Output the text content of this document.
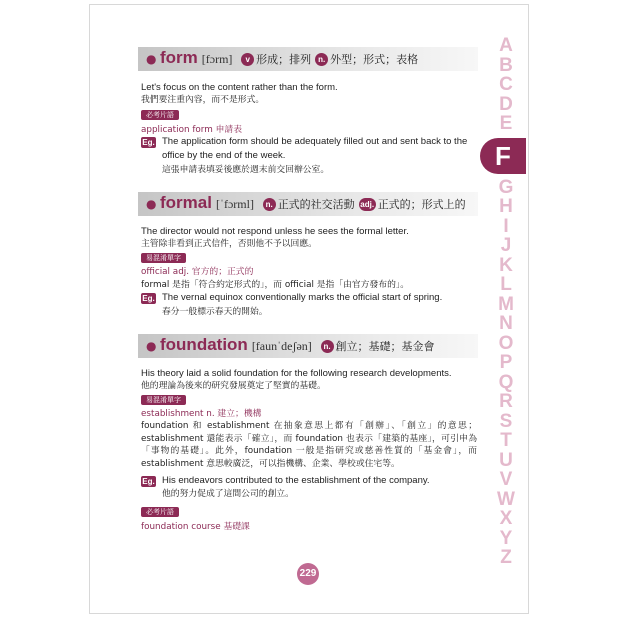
A
B
C
D
E
F
G
H
I
J
K
L
M
N
O
P
Q
R
S
T
U
V
W
X
Y
Z
● form [fɔrm] v 形成；排列 n. 外型；形式；表格
Let's focus on the content rather than the form.
我們要注重內容，而不是形式。
必考片語
application form 申請表
Eg. The application form should be adequately filled out and sent back to the
office by the end of the week.
這張申請表填妥後應於週末前交回辦公室。
● formal [ˈfɔrml] n. 正式的社交活動 adj. 正式的；形式上的
The director would not respond unless he sees the formal letter.
主管除非看到正式信件，否則他不予以回應。
易混淆單字
official adj. 官方的；正式的
formal 是指「符合約定形式的」，而 official 是指「由官方發布的」。
Eg. The vernal equinox conventionally marks the official start of spring.
春分一般標示春天的開始。
● foundation [faunˈdeʃən] n. 創立；基礎；基金會
His theory laid a solid foundation for the following research developments.
他的理論為後來的研究發展奠定了堅實的基礎。
易混淆單字
establishment n. 建立；機構
foundation 和 establishment 在抽象意思上都有「創辦」、「創立」的意思；establishment 還能表示「確立」，而 foundation 也表示「建築的基座」，可引申為「事物的基礎」。此外，foundation 一般是指研究或慈善性質的「基金會」，而 establishment 意思較廣泛，可以指機構、企業、學校或住宅等。
Eg. His endeavors contributed to the establishment of the company.
他的努力促成了這間公司的創立。
必考片語
foundation course 基礎課
229
